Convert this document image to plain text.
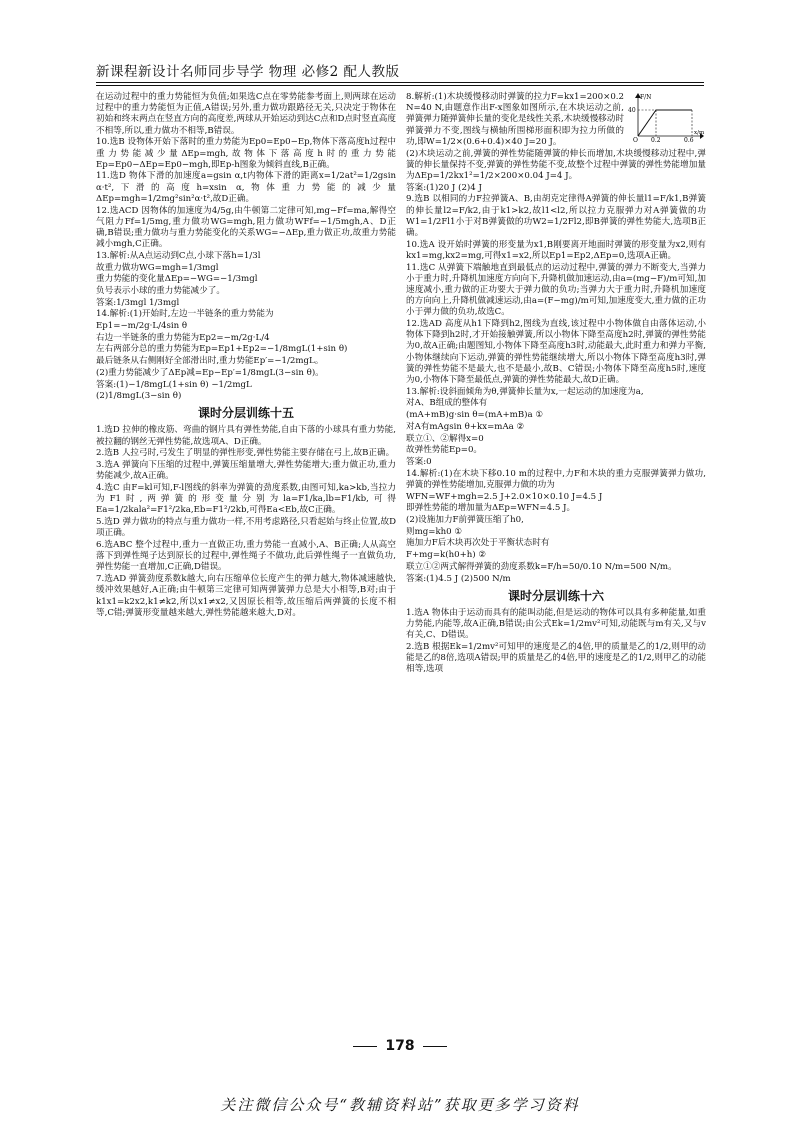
新课程新设计名师同步导学 物理 必修2 配人教版

在运动过程中的重力势能恒为负值;如果选C点在零势能参考面上,则两球在运动过程中的重力势能恒为正值,A错误;另外,重力做功跟路径无关,只决定于物体在初始和终末两点在竖直方向的高度差,两球从开始运动到达C点和D点时竖直高度不相等,所以,重力做功不相等,B错误。

10.选B 设物体开始下落时的重力势能为Ep0=Ep0−Ep,物体下落高度h过程中重力势能减少量ΔEp=mgh,故物体下落高度h时的重力势能Ep=Ep0−ΔEp=Ep0−mgh,即Ep-h图象为倾斜直线,B正确。

11.选D 物体下滑的加速度a=gsin α,t内物体下滑的距离x=1/2at²=1/2gsin α·t²,下滑的高度h=xsin α,物体重力势能的减少量ΔEp=mgh=1/2mg²sin²α·t²,故D正确。

12.选ACD 因物体的加速度为4/5g,由牛顿第二定律可知,mg−Ff=ma,解得空气阻力Ff=1/5mg,重力做功WG=mgh,阻力做功WFf=−1/5mgh,A、D正确,B错误;重力做功与重力势能变化的关系WG=−ΔEp,重力做正功,故重力势能减小mgh,C正确。

13.解析:从A点运动到C点,小球下落h=1/3l

故重力做功WG=mgh=1/3mgl

重力势能的变化量ΔEp=−WG=−1/3mgl

负号表示小球的重力势能减少了。

答案:1/3mgl 1/3mgl

14.解析:(1)开始时,左边一半链条的重力势能为

Ep1=−m/2g·L/4sin θ

右边一半链条的重力势能为Ep2=−m/2g·L/4

左右两部分总的重力势能为Ep=Ep1+Ep2=−1/8mgL(1+sin θ)

最后链条从右侧刚好全部滑出时,重力势能Ep′=−1/2mgL。

(2)重力势能减少了ΔEp减=Ep−Ep′=1/8mgL(3−sin θ)。

答案:(1)−1/8mgL(1+sin θ) −1/2mgL

(2)1/8mgL(3−sin θ)

课时分层训练十五

1.选D 拉伸的橡皮筋、弯曲的钢片具有弹性势能,自由下落的小球具有重力势能,被拉翻的钢丝无弹性势能,故选项A、D正确。

2.选B 人拉弓时,弓发生了明显的弹性形变,弹性势能主要存储在弓上,故B正确。

3.选A 弹簧向下压缩的过程中,弹簧压缩量增大,弹性势能增大;重力做正功,重力势能减少,故A正确。

4.选C 由F=kl可知,F-l图线的斜率为弹簧的劲度系数,由图可知,ka>kb,当拉力为F1时,两弹簧的形变量分别为la=F1/ka,lb=F1/kb,可得Ea=1/2kala²=F1²/2ka,Eb=F1²/2kb,可得Ea<Eb,故C正确。

5.选D 弹力做功的特点与重力做功一样,不用考虑路径,只看起始与终止位置,故D项正确。

6.选ABC 整个过程中,重力一直做正功,重力势能一直减小,A、B正确;人从高空落下到弹性绳子达到原长的过程中,弹性绳子不做功,此后弹性绳子一直做负功,弹性势能一直增加,C正确,D错误。

7.选AD 弹簧劲度系数k越大,向右压缩单位长度产生的弹力越大,物体减速越快,缓冲效果越好,A正确;由牛顿第三定律可知两弹簧弹力总是大小相等,B对;由于k1x1=k2x2,k1≠k2,所以x1≠x2,又因原长相等,故压缩后两弹簧的长度不相等,C错;弹簧形变量越来越大,弹性势能越来越大,D对。

F/N
40
O 0.2	0.6
x/m

8.解析:(1)木块缓慢移动时弹簧的拉力F=kx1=200×0.2 N=40 N,由题意作出F-x图象如图所示,在木块运动之前,弹簧弹力随弹簧伸长量的变化是线性关系,木块缓慢移动时弹簧弹力不变,图线与横轴所围梯形面积即为拉力所做的功,即W=1/2×(0.6+0.4)×40 J=20 J。

(2)木块运动之前,弹簧的弹性势能随弹簧的伸长而增加,木块缓慢移动过程中,弹簧的伸长量保持不变,弹簧的弹性势能不变,故整个过程中弹簧的弹性势能增加量为ΔEp=1/2kx1²=1/2×200×0.04 J=4 J。

答案:(1)20 J (2)4 J

9.选B 以相同的力F拉弹簧A、B,由胡克定律得A弹簧的伸长量l1=F/k1,B弹簧的伸长量l2=F/k2,由于k1>k2,故l1<l2,所以拉力克服弹力对A弹簧做的功W1=1/2Fl1小于对B弹簧做的功W2=1/2Fl2,即B弹簧的弹性势能大,选项B正确。

10.选A 设开始时弹簧的形变量为x1,B刚要离开地面时弹簧的形变量为x2,则有kx1=mg,kx2=mg,可得x1=x2,所以Ep1=Ep2,ΔEp=0,选项A正确。

11.选C 从弹簧下端触地直到最低点的运动过程中,弹簧的弹力不断变大,当弹力小于重力时,升降机加速度方向向下,升降机做加速运动,由a=(mg−F)/m可知,加速度减小,重力做的正功要大于弹力做的负功;当弹力大于重力时,升降机加速度的方向向上,升降机做减速运动,由a=(F−mg)/m可知,加速度变大,重力做的正功小于弹力做的负功,故选C。

12.选AD 高度从h1下降到h2,图线为直线,该过程中小物体做自由落体运动,小物体下降到h2时,才开始接触弹簧,所以小物体下降至高度h2时,弹簧的弹性势能为0,故A正确;由题图知,小物体下降至高度h3时,动能最大,此时重力和弹力平衡,小物体继续向下运动,弹簧的弹性势能继续增大,所以小物体下降至高度h3时,弹簧的弹性势能不是最大,也不是最小,故B、C错误;小物体下降至高度h5时,速度为0,小物体下降至最低点,弹簧的弹性势能最大,故D正确。

13.解析:设斜面倾角为θ,弹簧伸长量为x,一起运动的加速度为a,

对A、B组成的整体有

(mA+mB)g·sin θ=(mA+mB)a ①

对A有mAgsin θ+kx=mAa ②

联立①、②解得x=0

故弹性势能Ep=0。

答案:0

14.解析:(1)在木块下移0.10 m的过程中,力F和木块的重力克服弹簧弹力做功,弹簧的弹性势能增加,克服弹力做的功为

WFN=WF+mgh=2.5 J+2.0×10×0.10 J=4.5 J

即弹性势能的增加量为ΔEp=WFN=4.5 J。

(2)设施加力F前弹簧压缩了h0,

则mg=kh0 ①

施加力F后木块再次处于平衡状态时有

F+mg=k(h0+h) ②

联立①②两式解得弹簧的劲度系数k=F/h=50/0.10 N/m=500 N/m。

答案:(1)4.5 J (2)500 N/m

课时分层训练十六

1.选A 物体由于运动而具有的能叫动能,但是运动的物体可以具有多种能量,如重力势能,内能等,故A正确,B错误;由公式Ek=1/2mv²可知,动能既与m有关,又与v有关,C、D错误。

2.选B 根据Ek=1/2mv²可知甲的速度是乙的4倍,甲的质量是乙的1/2,则甲的动能是乙的8倍,选项A错误;甲的质量是乙的4倍,甲的速度是乙的1/2,则甲乙的动能相等,选项

178
关注微信公众号“教辅资料站”获取更多学习资料
